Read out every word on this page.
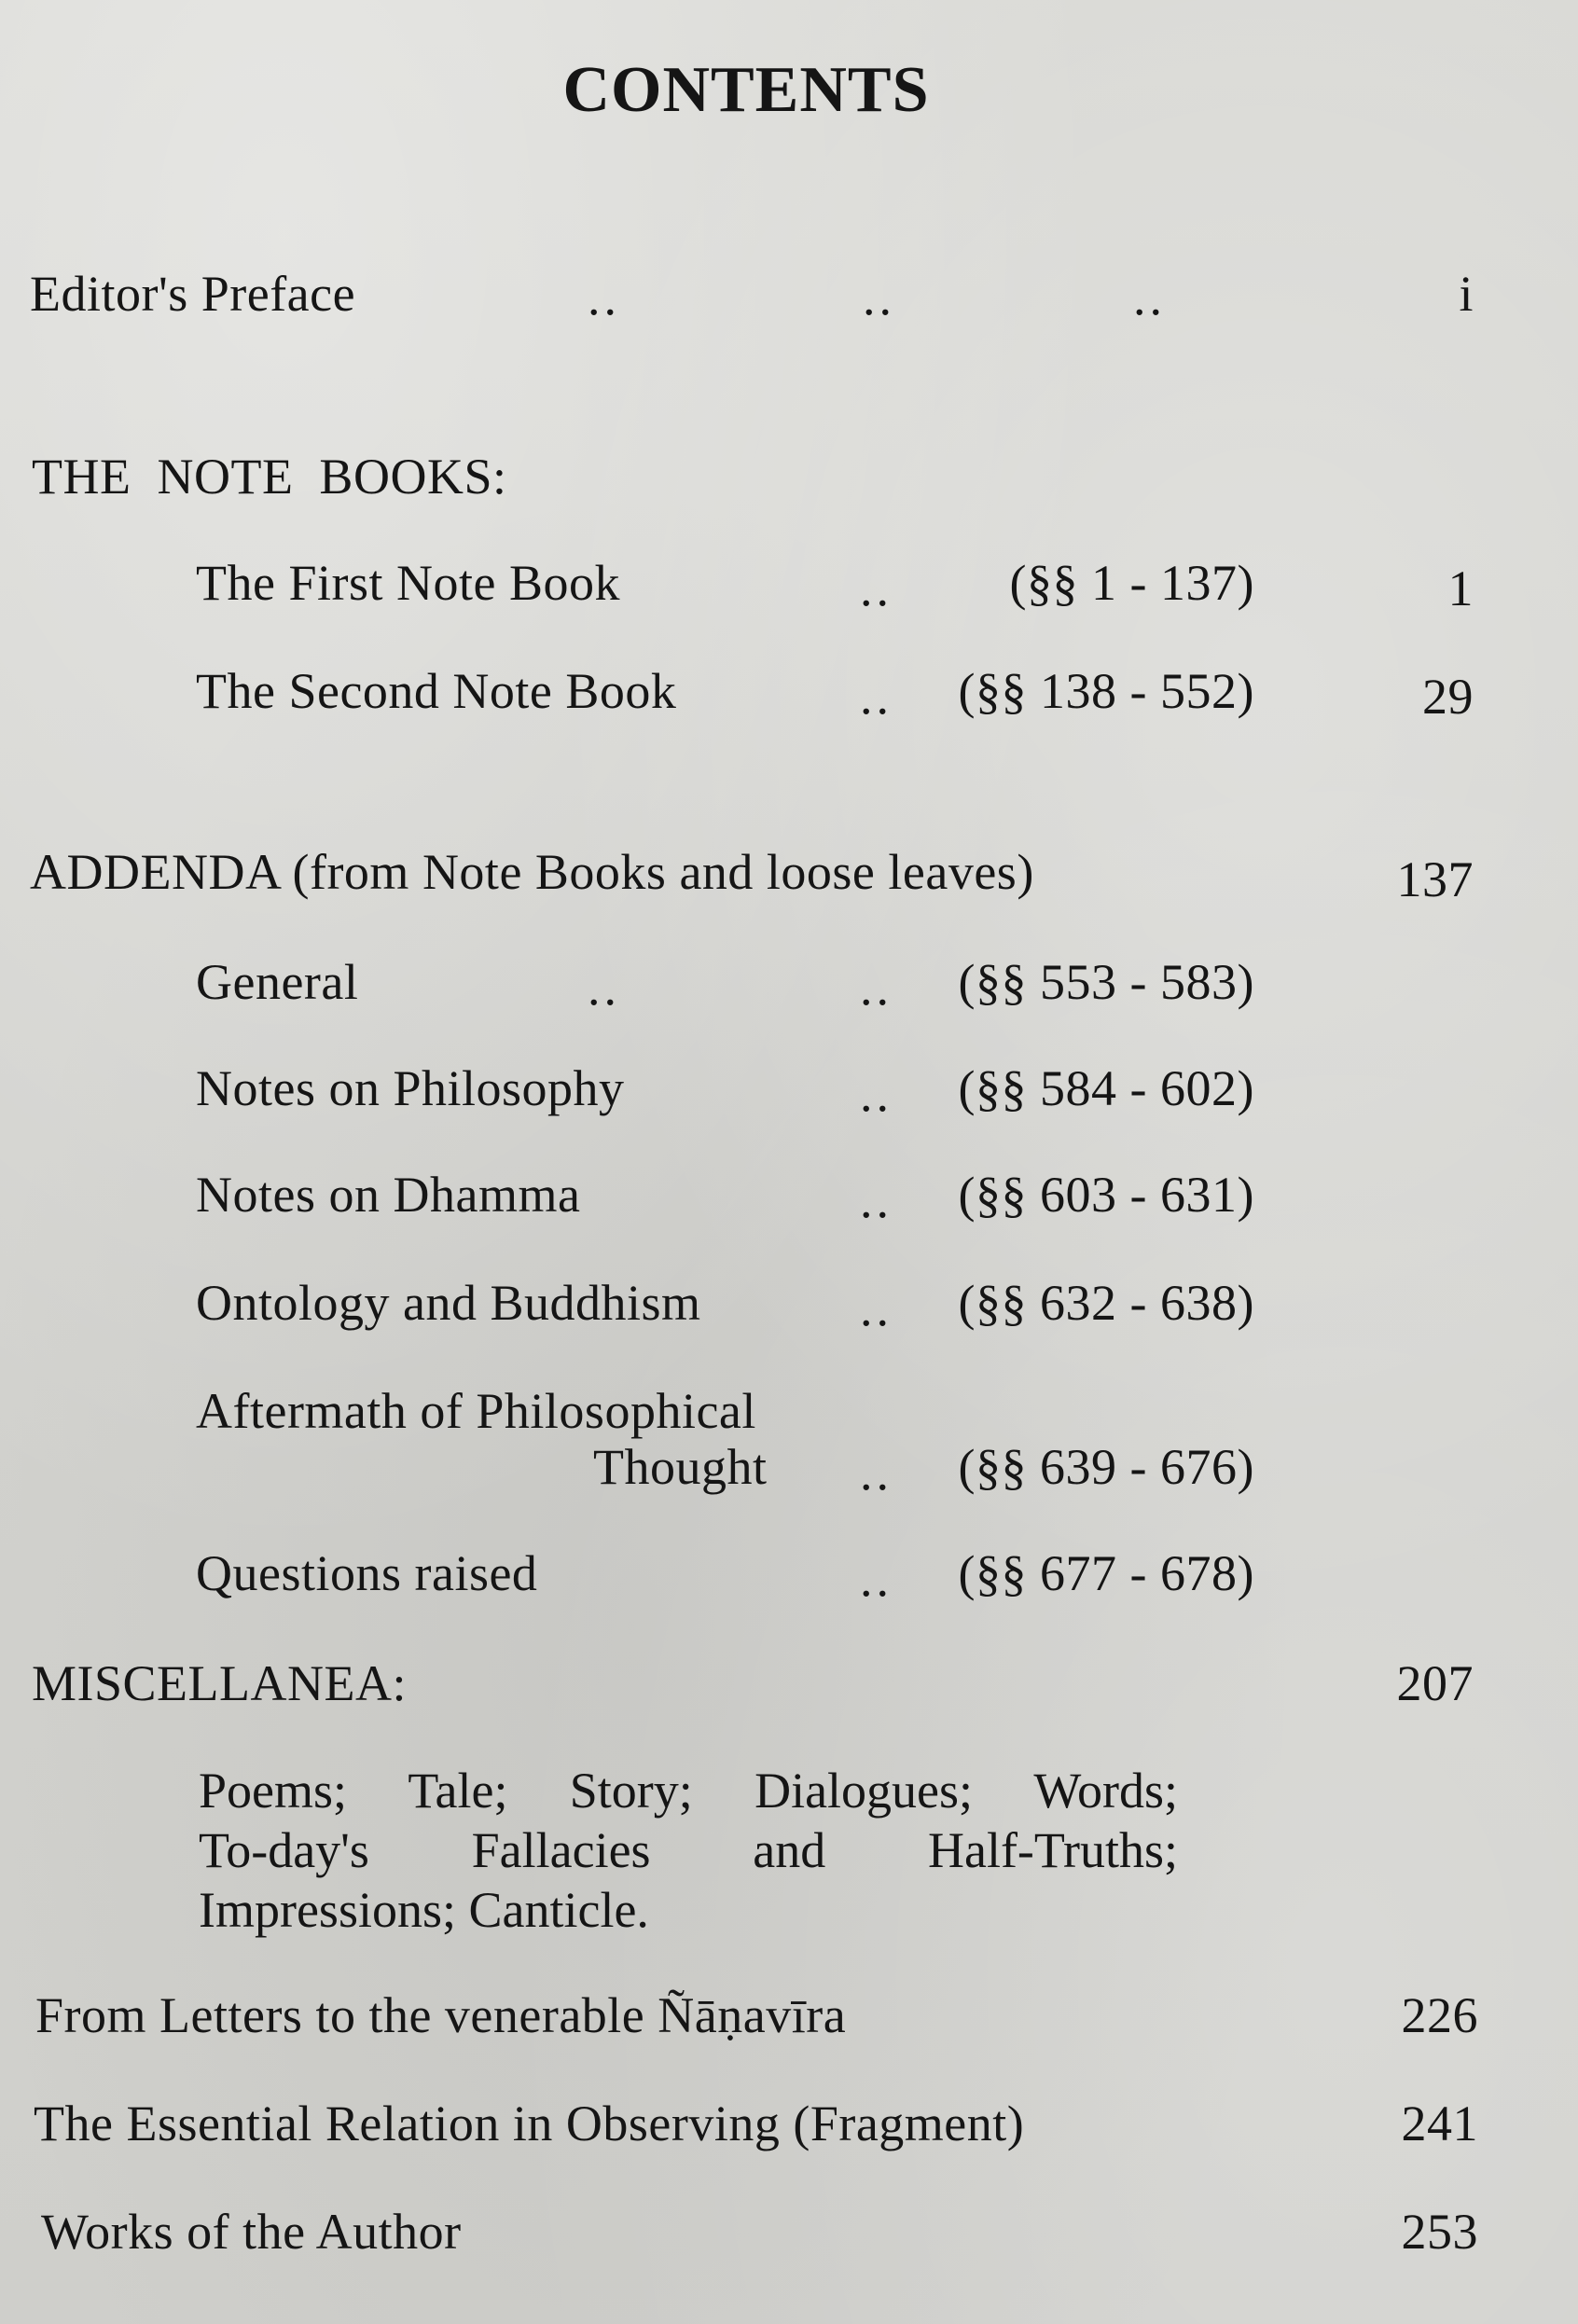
CONTENTS
Editor's Preface	..	..	..	i
THE  NOTE  BOOKS:
The First Note Book	..	(§§ 1 - 137)	1
The Second Note Book	..	(§§ 138 - 552)	29
ADDENDA (from Note Books and loose leaves)	137
General	..	..	(§§ 553 - 583)
Notes on Philosophy	..	(§§ 584 - 602)
Notes on Dhamma	..	(§§ 603 - 631)
Ontology and Buddhism	..	(§§ 632 - 638)
Aftermath of Philosophical
Thought ..	(§§ 639 - 676)
Questions raised	..	(§§ 677 - 678)
MISCELLANEA:	207
Poems; Tale; Story; Dialogues; Words;
To-day's Fallacies and Half-Truths;
Impressions; Canticle.
From Letters to the venerable Ñāṇavīra	226
The Essential Relation in Observing (Fragment)	241
Works of the Author	253
